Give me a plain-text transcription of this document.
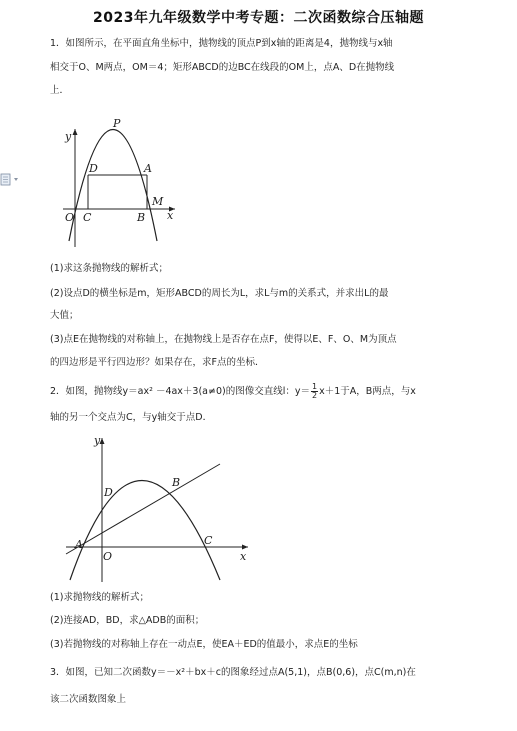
2023年九年级数学中考专题：二次函数综合压轴题
1．如图所示，在平面直角坐标中，抛物线的顶点P到x轴的距离是4，抛物线与x轴
相交于O、M两点，OM＝4；矩形ABCD的边BC在线段的OM上，点A、D在抛物线
上．
y
P
D	A
O C	B
M
x
(1)求这条抛物线的解析式；
(2)设点D的横坐标是m，矩形ABCD的周长为L，求L与m的关系式，并求出L的最
大值；
(3)点E在抛物线的对称轴上，在抛物线上是否存在点F，使得以E、F、O、M为顶点
的四边形是平行四边形？如果存在，求F点的坐标．
2．如图，抛物线y＝ax² －4ax＋3(a≠0)的图像交直线l：$y= \frac{1}{2} x+1$于A，B两点，与x
轴的另一个交点为C，与y轴交于点D．
y
D
B
A
O
C
x
(1)求抛物线的解析式；
(2)连接AD，BD，求△ADB的面积；
(3)若抛物线的对称轴上存在一动点E，使EA＋ED的值最小，求点E的坐标
3．如图，已知二次函数y＝－x²＋bx＋c的图象经过点A(5,1)，点B(0,6)，点C(m,n)在
该二次函数图象上
